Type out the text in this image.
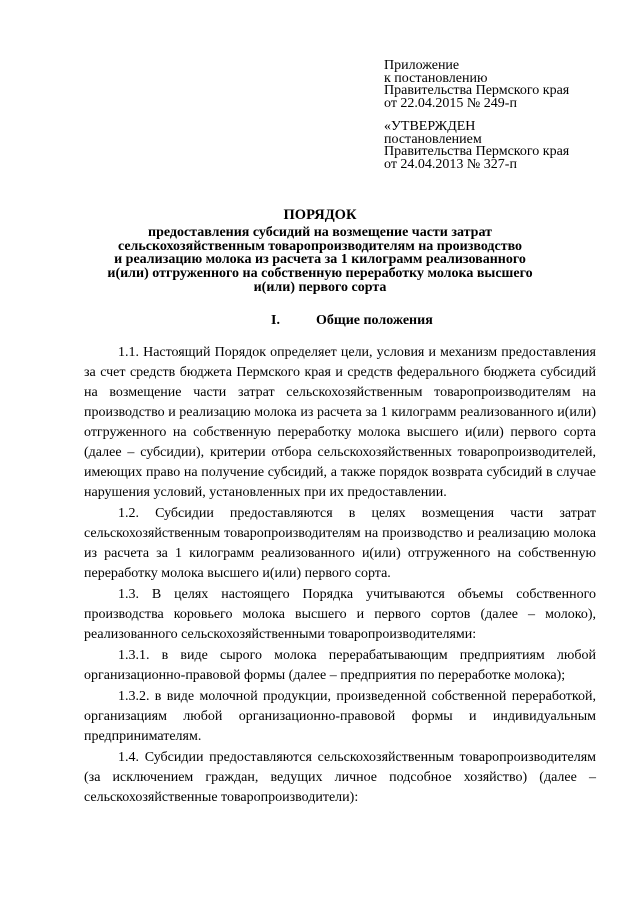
Приложение
к постановлению
Правительства Пермского края
от 22.04.2015 № 249-п
«УТВЕРЖДЕН
постановлением
Правительства Пермского края
от 24.04.2013 № 327-п
ПОРЯДОК
предоставления субсидий на возмещение части затрат
сельскохозяйственным товаропроизводителям на производство
и реализацию молока из расчета за 1 килограмм реализованного
и(или) отгруженного на собственную переработку молока высшего
и(или) первого сорта
I.	Общие положения

1.1. Настоящий Порядок определяет цели, условия и механизм предоставления за счет средств бюджета Пермского края и средств федерального бюджета субсидий на возмещение части затрат сельскохозяйственным товаропроизводителям на производство и реализацию молока из расчета за 1 килограмм реализованного и(или) отгруженного на собственную переработку молока высшего и(или) первого сорта (далее – субсидии), критерии отбора сельскохозяйственных товаропроизводителей, имеющих право на получение субсидий, а также порядок возврата субсидий в случае нарушения условий, установленных при их предоставлении.

1.2. Субсидии предоставляются в целях возмещения части затрат сельскохозяйственным товаропроизводителям на производство и реализацию молока из расчета за 1 килограмм реализованного и(или) отгруженного на собственную переработку молока высшего и(или) первого сорта.

1.3. В целях настоящего Порядка учитываются объемы собственного производства коровьего молока высшего и первого сортов (далее – молоко), реализованного сельскохозяйственными товаропроизводителями:

1.3.1. в виде сырого молока перерабатывающим предприятиям любой организационно-правовой формы (далее – предприятия по переработке молока);

1.3.2. в виде молочной продукции, произведенной собственной переработкой, организациям любой организационно-правовой формы и индивидуальным предпринимателям.

1.4. Субсидии предоставляются сельскохозяйственным товаропроизводителям (за исключением граждан, ведущих личное подсобное хозяйство) (далее – сельскохозяйственные товаропроизводители):
